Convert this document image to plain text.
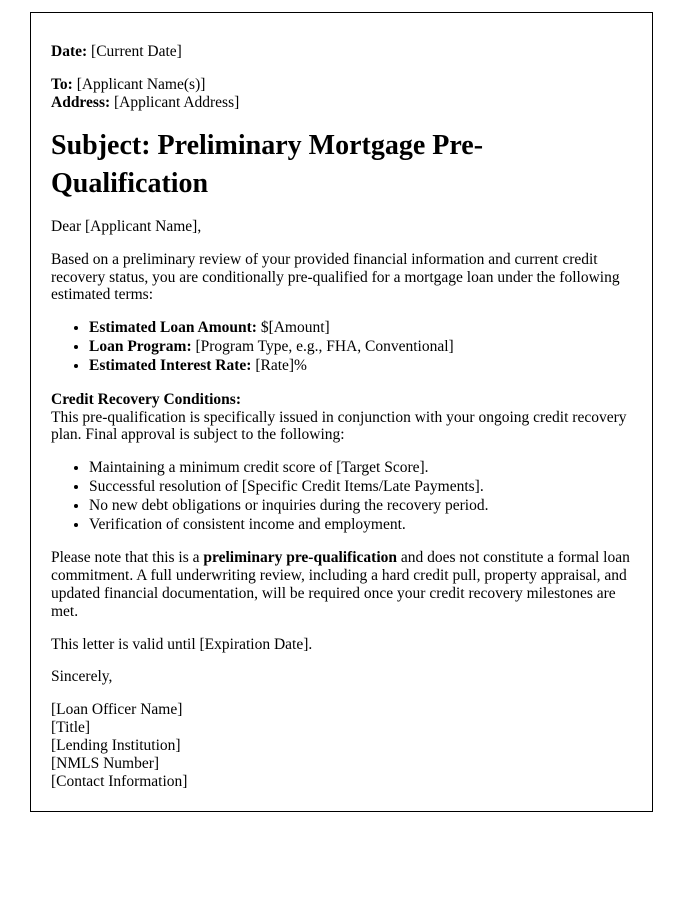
Date: [Current Date]

To: [Applicant Name(s)]

Address: [Applicant Address]

Subject: Preliminary Mortgage Pre-Qualification

Dear [Applicant Name],

Based on a preliminary review of your provided financial information and current credit recovery status, you are conditionally pre-qualified for a mortgage loan under the following estimated terms:

• Estimated Loan Amount: $[Amount]
• Loan Program: [Program Type, e.g., FHA, Conventional]
• Estimated Interest Rate: [Rate]%

Credit Recovery Conditions:

This pre-qualification is specifically issued in conjunction with your ongoing credit recovery plan. Final approval is subject to the following:

• Maintaining a minimum credit score of [Target Score].
• Successful resolution of [Specific Credit Items/Late Payments].
• No new debt obligations or inquiries during the recovery period.
• Verification of consistent income and employment.

Please note that this is a preliminary pre-qualification and does not constitute a formal loan commitment. A full underwriting review, including a hard credit pull, property appraisal, and updated financial documentation, will be required once your credit recovery milestones are met.

This letter is valid until [Expiration Date].

Sincerely,

[Loan Officer Name]
[Title]
[Lending Institution]
[NMLS Number]
[Contact Information]
